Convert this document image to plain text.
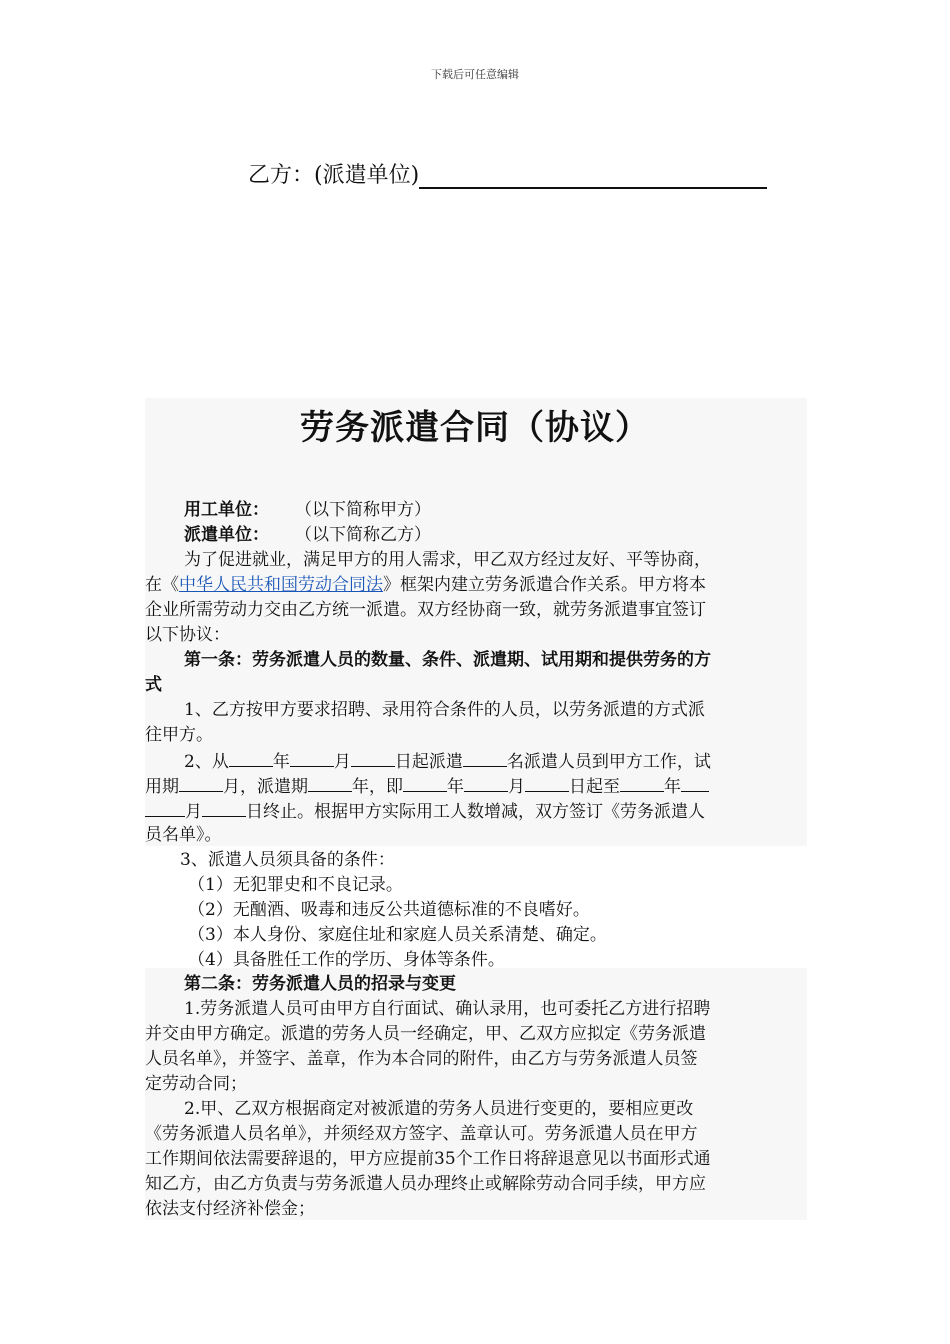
下载后可任意编辑
乙方：(派遣单位)
劳务派遣合同（协议）
用工单位： （以下简称甲方）
派遣单位： （以下简称乙方）
为了促进就业，满足甲方的用人需求，甲乙双方经过友好、平等协商，
在《中华人民共和国劳动合同法》框架内建立劳务派遣合作关系。甲方将本
企业所需劳动力交由乙方统一派遣。双方经协商一致，就劳务派遣事宜签订
以下协议：
第一条：劳务派遣人员的数量、条件、派遣期、试用期和提供劳务的方
式
1、乙方按甲方要求招聘、录用符合条件的人员，以劳务派遣的方式派
往甲方。
2、从	年	月	日起派遣	名派遣人员到甲方工作，试
用期	月，派遣期	年，即	年	月	日起至	年
月	日终止。根据甲方实际用工人数增减，双方签订《劳务派遣人
员名单》。
3、派遣人员须具备的条件：
（1）无犯罪史和不良记录。
（2）无酗酒、吸毒和违反公共道德标准的不良嗜好。
（3）本人身份、家庭住址和家庭人员关系清楚、确定。
（4）具备胜任工作的学历、身体等条件。
第二条：劳务派遣人员的招录与变更
1.劳务派遣人员可由甲方自行面试、确认录用，也可委托乙方进行招聘
并交由甲方确定。派遣的劳务人员一经确定，甲、乙双方应拟定《劳务派遣
人员名单》，并签字、盖章，作为本合同的附件，由乙方与劳务派遣人员签
定劳动合同；
2.甲、乙双方根据商定对被派遣的劳务人员进行变更的，要相应更改
《劳务派遣人员名单》，并须经双方签字、盖章认可。劳务派遣人员在甲方
工作期间依法需要辞退的，甲方应提前35个工作日将辞退意见以书面形式通
知乙方，由乙方负责与劳务派遣人员办理终止或解除劳动合同手续，甲方应
依法支付经济补偿金；
